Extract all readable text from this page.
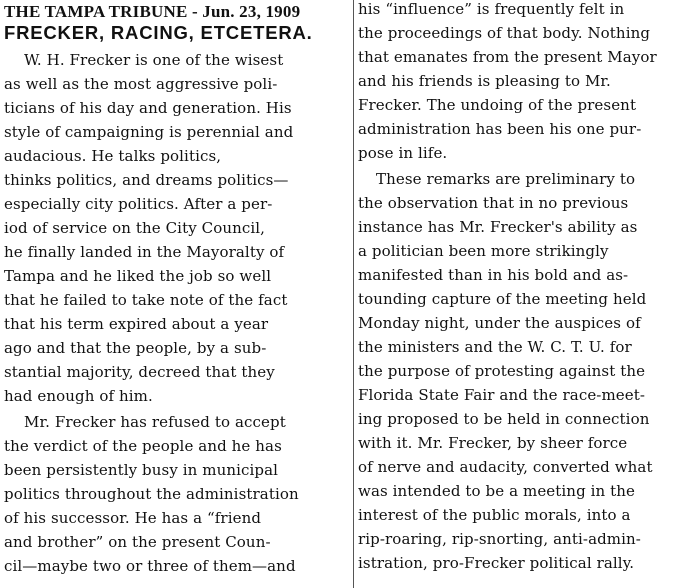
THE TAMPA TRIBUNE - Jun. 23, 1909
FRECKER, RACING, ETCETERA.
W. H. Frecker is one of the wisest
as well as the most aggressive poli-
ticians of his day and generation. His
style of campaigning is perennial and
audacious. He talks politics,
thinks politics, and dreams politics—
especially city politics. After a per-
iod of service on the City Council,
he finally landed in the Mayoralty of
Tampa and he liked the job so well
that he failed to take note of the fact
that his term expired about a year
ago and that the people, by a sub-
stantial majority, decreed that they
had enough of him.
Mr. Frecker has refused to accept
the verdict of the people and he has
been persistently busy in municipal
politics throughout the administration
of his successor. He has a “friend
and brother” on the present Coun-
cil—maybe two or three of them—and
his “influence” is frequently felt in
the proceedings of that body. Nothing
that emanates from the present Mayor
and his friends is pleasing to Mr.
Frecker. The undoing of the present
administration has been his one pur-
pose in life.
These remarks are preliminary to
the observation that in no previous
instance has Mr. Frecker's ability as
a politician been more strikingly
manifested than in his bold and as-
tounding capture of the meeting held
Monday night, under the auspices of
the ministers and the W. C. T. U. for
the purpose of protesting against the
Florida State Fair and the race-meet-
ing proposed to be held in connection
with it. Mr. Frecker, by sheer force
of nerve and audacity, converted what
was intended to be a meeting in the
interest of the public morals, into a
rip-roaring, rip-snorting, anti-admin-
istration, pro-Frecker political rally.
